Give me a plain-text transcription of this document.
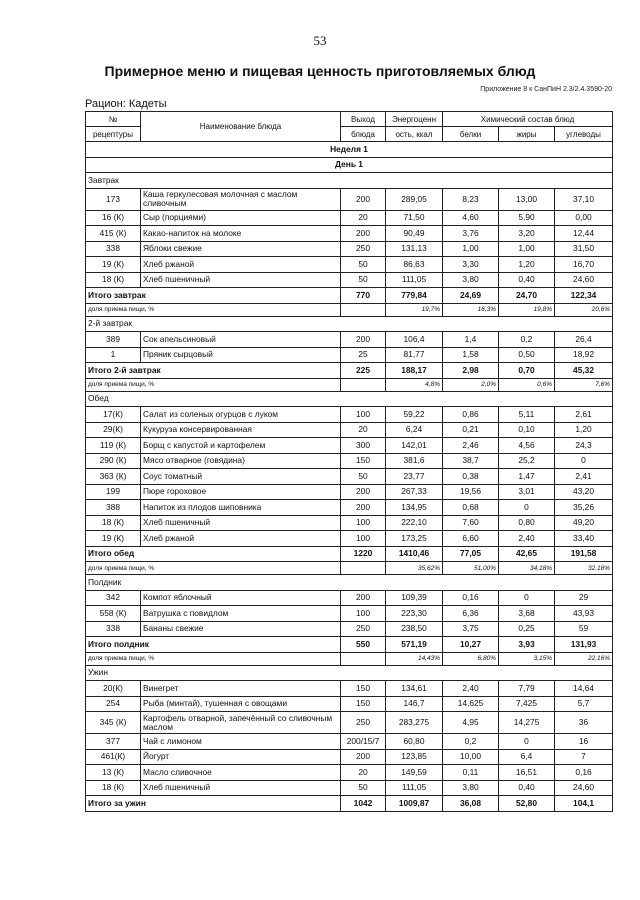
53
Примерное меню и пищевая ценность приготовляемых блюд
Приложение 8 к СанПиН 2.3/2.4.3590-20
Рацион: Кадеты
№	Наименование блюда	Выход	Энергоценн	Химический состав блюд		
рецептуры		блюда	ость, ккал	белки	жиры	углеводы
Неделя 1						
День 1						
Завтрак						
173	Каша геркулесовая молочная с маслом сливочным	200	289,05	8,23	13,00	37,10
16 (К)	Сыр (порциями)	20	71,50	4,60	5,90	0,00
415 (К)	Какао-напиток на молоке	200	90,49	3,76	3,20	12,44
338	Яблоки свежие	250	131,13	1,00	1,00	31,50
19 (К)	Хлеб ржаной	50	86,63	3,30	1,20	16,70
18 (К)	Хлеб пшеничный	50	111,05	3,80	0,40	24,60
Итого завтрак		770	779,84	24,69	24,70	122,34
доля приема пищи, %			19,7%	16,3%	19,8%	20,6%
2-й завтрак						
389	Сок апельсиновый	200	106,4	1,4	0,2	26,4
1	Пряник сырцовый	25	81,77	1,58	0,50	18,92
Итого 2-й завтрак		225	188,17	2,98	0,70	45,32
доля приема пищи, %			4,8%	2,0%	0,6%	7,6%
Обед						
17(К)	Салат из соленых огурцов с луком	100	59,22	0,86	5,11	2,61
29(К)	Кукуруза консервированная	20	6,24	0,21	0,10	1,20
119 (К)	Борщ с капустой и картофелем	300	142,01	2,46	4,56	24,3
290 (К)	Мясо отварное (говядина)	150	381,6	38,7	25,2	0
363 (К)	Соус томатный	50	23,77	0,38	1,47	2,41
199	Пюре гороховое	200	267,33	19,56	3,01	43,20
388	Напиток из плодов шиповника	200	134,95	0,68	0	35,26
18 (К)	Хлеб пшеничный	100	222,10	7,60	0,80	49,20
19 (К)	Хлеб ржаной	100	173,25	6,60	2,40	33,40
Итого обед		1220	1410,46	77,05	42,65	191,58
доля приема пищи, %			35,62%	51,00%	34,18%	32,18%
Полдник						
342	Компот яблочный	200	109,39	0,16	0	29
558 (К)	Ватрушка с повидлом	100	223,30	6,36	3,68	43,93
338	Бананы свежие	250	238,50	3,75	0,25	59
Итого полдник		550	571,19	10,27	3,93	131,93
доля приема пищи, %			14,43%	6,80%	3,15%	22,16%
Ужин						
20(К)	Винегрет	150	134,61	2,40	7,79	14,64
254	Рыба (минтай), тушенная с овощами	150	146,7	14,625	7,425	5,7
345 (К)	Картофель отварной, запечённый со сливочным маслом	250	283,275	4,95	14,275	36
377	Чай с лимоном	200/15/7	60,80	0,2	0	16
461(К)	Йогурт	200	123,85	10,00	6,4	7
13 (К)	Масло сливочное	20	149,59	0,11	16,51	0,16
18 (К)	Хлеб пшеничный	50	111,05	3,80	0,40	24,60
Итого за ужин		1042	1009,87	36,08	52,80	104,1
